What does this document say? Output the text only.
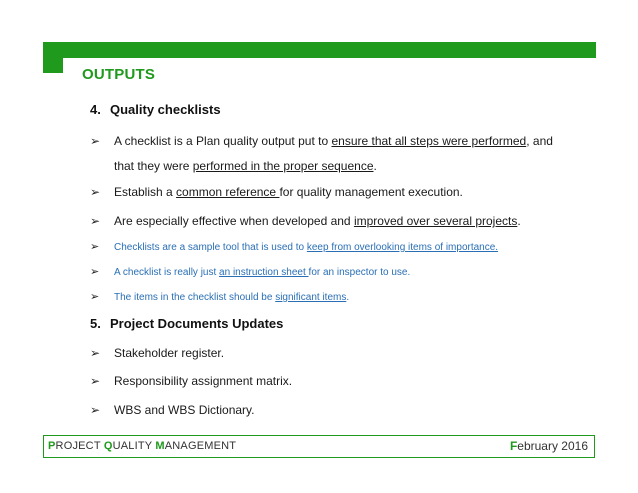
OUTPUTS
4. Quality checklists
➢ A checklist is a Plan quality output put to ensure that all steps were performed, and
that they were performed in the proper sequence.
➢ Establish a common reference for quality management execution.
➢ Are especially effective when developed and improved over several projects.
➢ Checklists are a sample tool that is used to keep from overlooking items of importance.
➢ A checklist is really just an instruction sheet for an inspector to use.
➢ The items in the checklist should be significant items.
5. Project Documents Updates
➢ Stakeholder register.
➢ Responsibility assignment matrix.
➢ WBS and WBS Dictionary.
PROJECT QUALITY MANAGEMENT	February 2016
